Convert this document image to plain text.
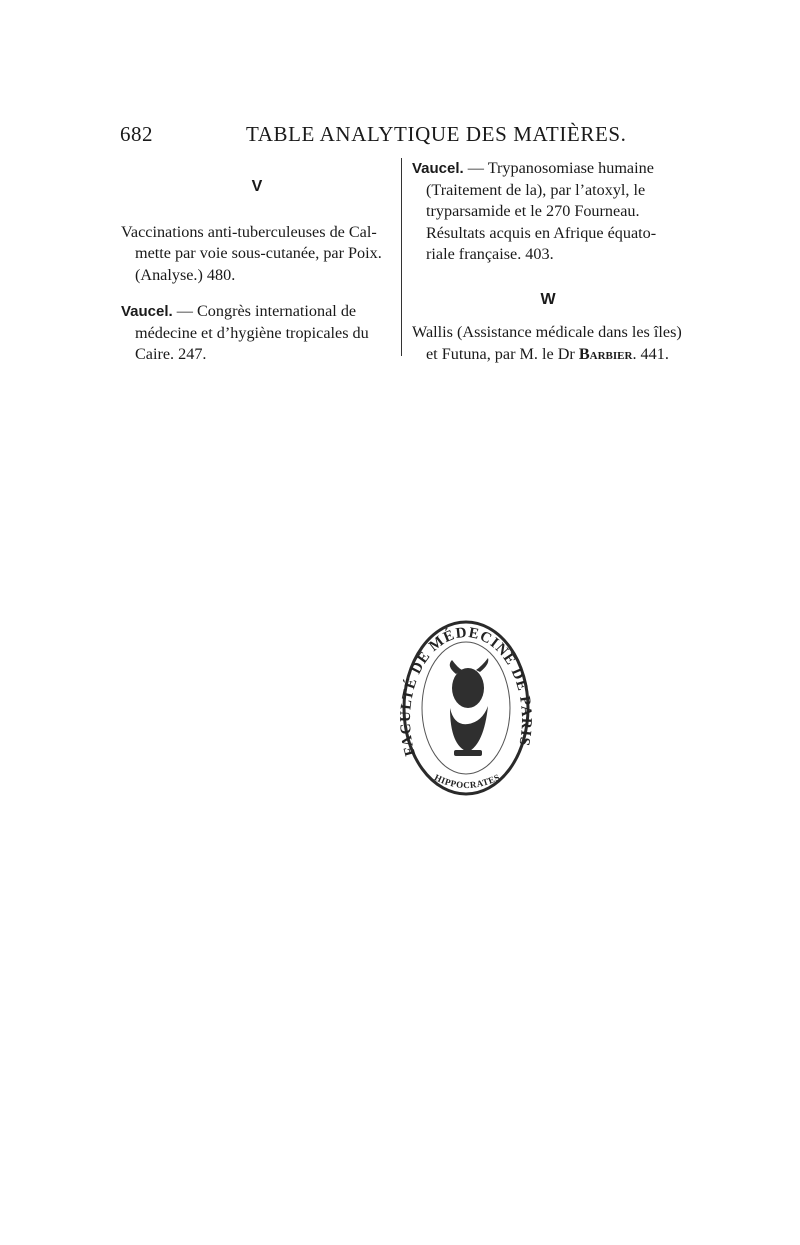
682	TABLE ANALYTIQUE DES MATIÈRES.
V
Vaccinations anti-tuberculeuses de Cal-
mette par voie sous-cutanée, par Poix.
(Analyse.) 480.
Vaucel. — Congrès international de
médecine et d’hygiène tropicales du
Caire. 247.
Vaucel. — Trypanosomiase humaine
(Traitement de la), par l’atoxyl, le
tryparsamide et le 270 Fourneau.
Résultats acquis en Afrique équato-
riale française. 403.
W
Wallis (Assistance médicale dans les îles)
et Futuna, par M. le Dr Barbier. 441.
FACULTÉ DE MÉDECINE DE PARIS
HIPPOCRATES
